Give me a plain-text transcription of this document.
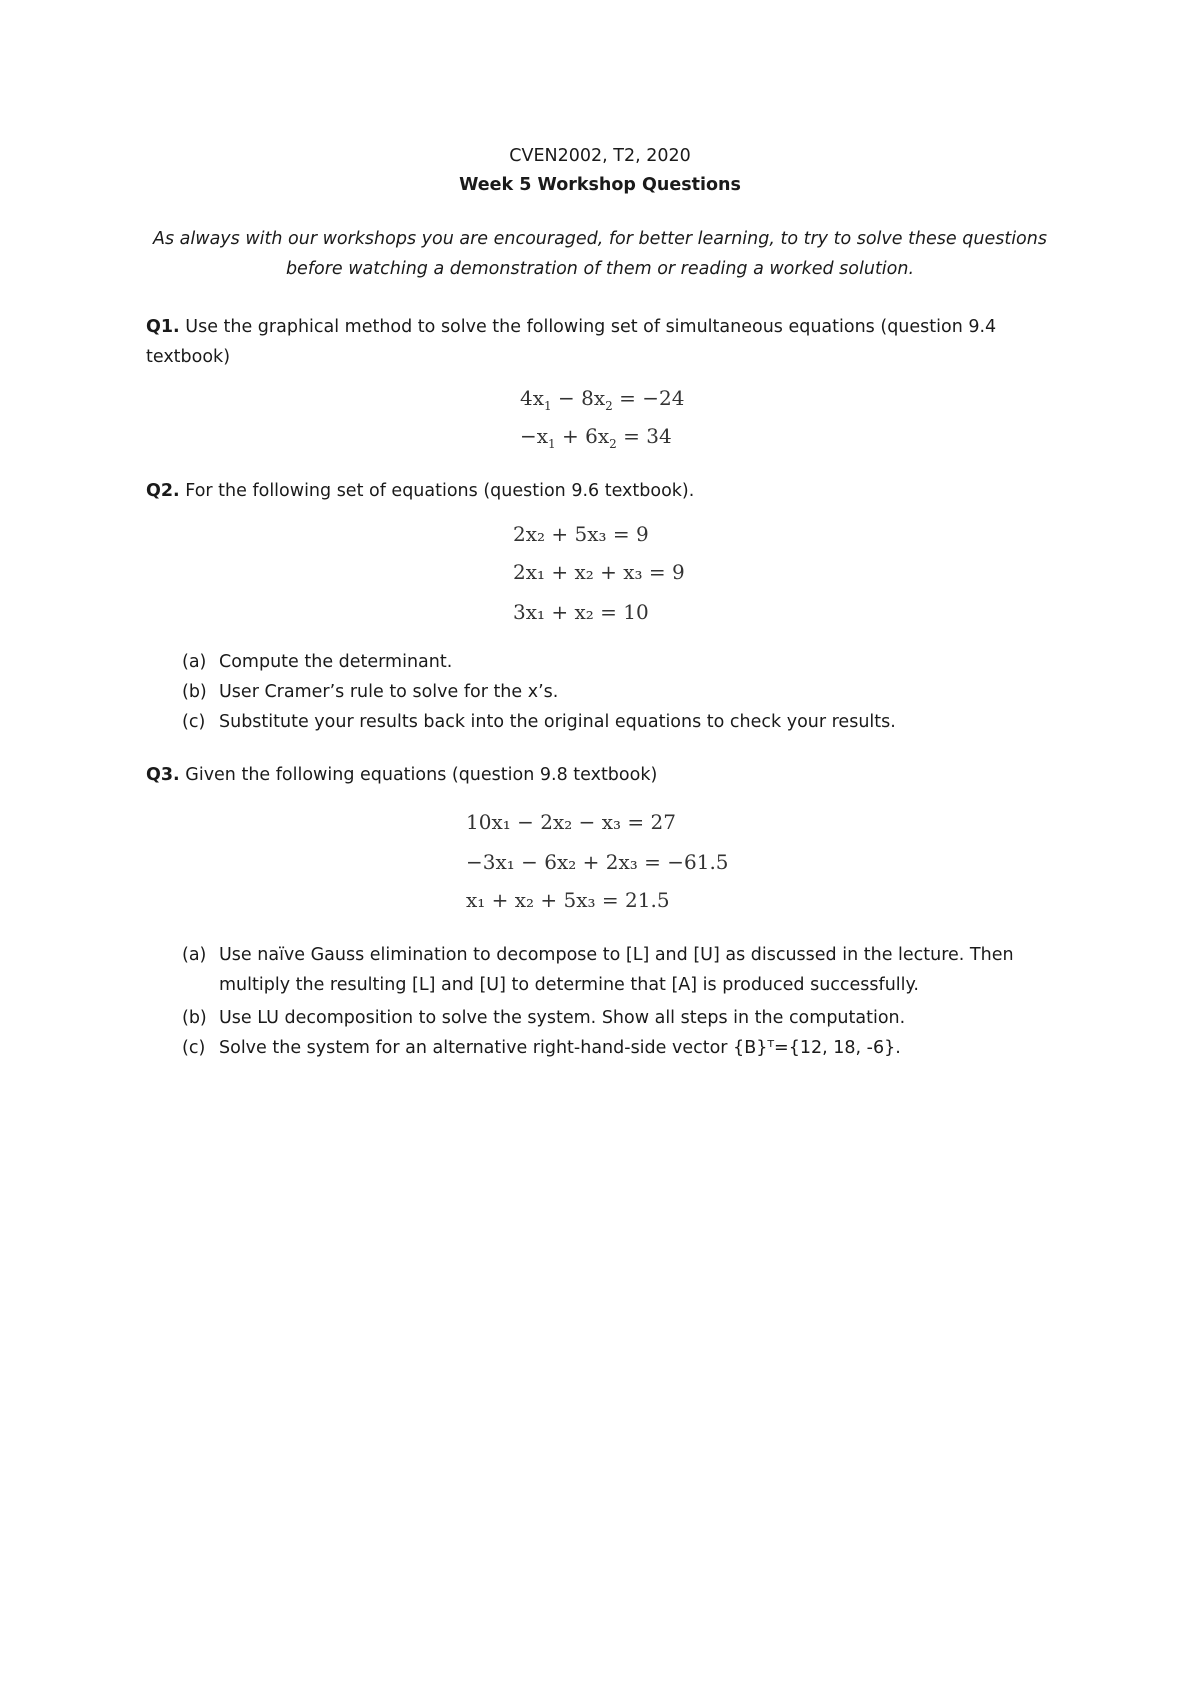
CVEN2002, T2, 2020
Week 5 Workshop Questions
As always with our workshops you are encouraged, for better learning, to try to solve these questions
before watching a demonstration of them or reading a worked solution.
Q1. Use the graphical method to solve the following set of simultaneous equations (question 9.4
textbook)
$4x_1 - 8x_2 = -24$
$-x_1 + 6x_2 = 34$
Q2. For the following set of equations (question 9.6 textbook).
2x₂ + 5x₃ = 9
2x₁ + x₂ + x₃ = 9
3x₁ + x₂ = 10
(a) Compute the determinant.
(b) User Cramer’s rule to solve for the x’s.
(c) Substitute your results back into the original equations to check your results.
Q3. Given the following equations (question 9.8 textbook)
10x₁ − 2x₂ − x₃ = 27
−3x₁ − 6x₂ + 2x₃ = −61.5
x₁ + x₂ + 5x₃ = 21.5
(a) Use naïve Gauss elimination to decompose to [L] and [U] as discussed in the lecture. Then multiply the resulting [L] and [U] to determine that [A] is produced successfully.
(b) Use LU decomposition to solve the system. Show all steps in the computation.
(c) Solve the system for an alternative right-hand-side vector {B}ᵀ={12, 18, -6}.
